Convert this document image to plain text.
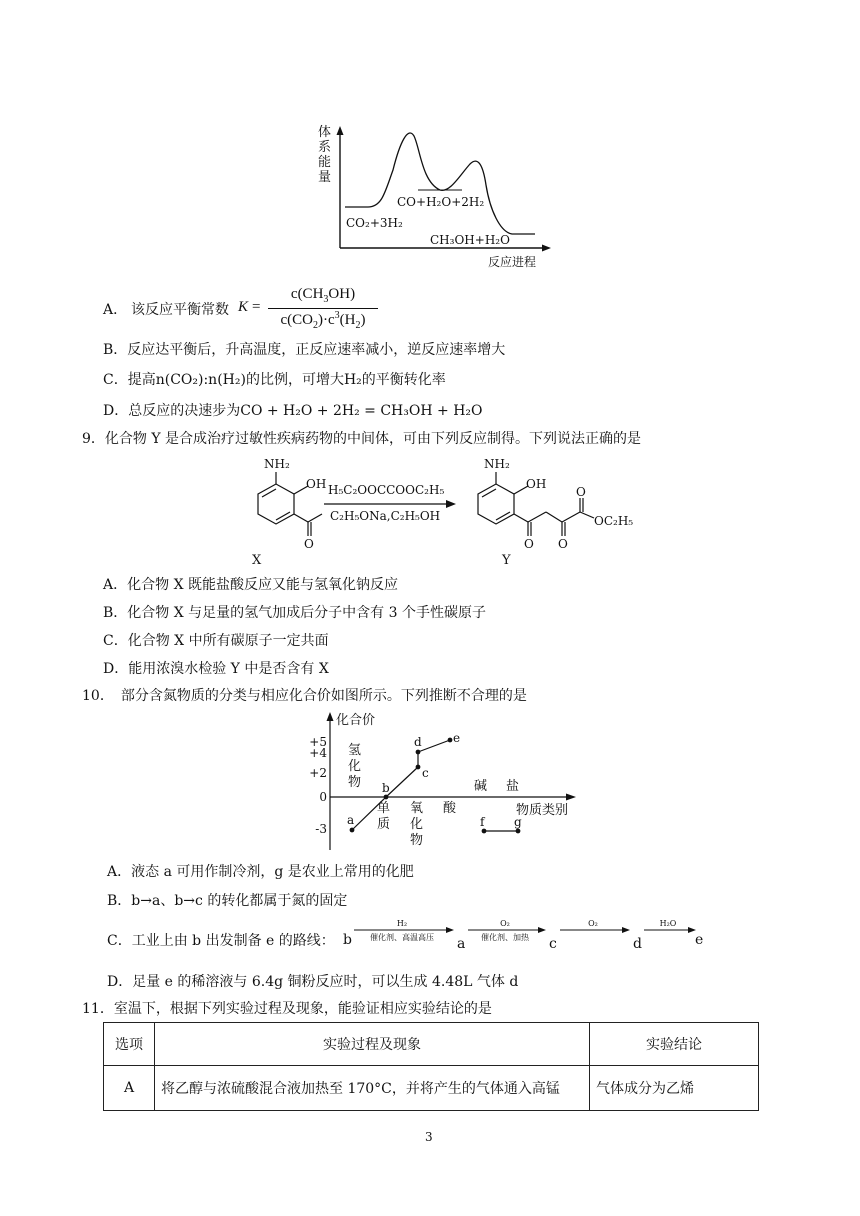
体
系
能
量
CO₂+3H₂
CO+H₂O+2H₂
CH₃OH+H₂O
反应进程
A． 该反应平衡常数 K =
$c(CH_3OH)$
$c(CO_2)\cdot c^3(H_2)$
B．反应达平衡后，升高温度，正反应速率减小，逆反应速率增大
C．提高n(CO₂):n(H₂)的比例，可增大H₂的平衡转化率
D．总反应的决速步为CO + H₂O + 2H₂ = CH₃OH + H₂O
9．化合物 Y 是合成治疗过敏性疾病药物的中间体，可由下列反应制得。下列说法正确的是
NH₂
OH
O
X
H₅C₂OOCCOOC₂H₅
C₂H₅ONa,C₂H₅OH
NH₂
OH
O O
O
OC₂H₅
Y
A．化合物 X 既能盐酸反应又能与氢氧化钠反应
B．化合物 X 与足量的氢气加成后分子中含有 3 个手性碳原子
C．化合物 X 中所有碳原子一定共面
D．能用浓溴水检验 Y 中是否含有 X
10．　部分含氮物质的分类与相应化合价如图所示。下列推断不合理的是
化合价
物质类别
+5
+4
+2
0
-3
氢
化
物
单
质
氧
化
物
酸
碱 盐
a
b
c
d	e
f g
A．液态 a 可用作制冷剂，g 是农业上常用的化肥
B．b→a、b→c 的转化都属于氮的固定
C．工业上由 b 出发制备 e 的路线： b	a	c	d	e
H₂
催化剂、高温高压
O₂
催化剂、加热
O₂	H₂O
D．足量 e 的稀溶液与 6.4g 铜粉反应时，可以生成 4.48L 气体 d
11．室温下，根据下列实验过程及现象，能验证相应实验结论的是
选项	实验过程及现象	实验结论
A	将乙醇与浓硫酸混合液加热至 170°C，并将产生的气体通入高锰	气体成分为乙烯
3
